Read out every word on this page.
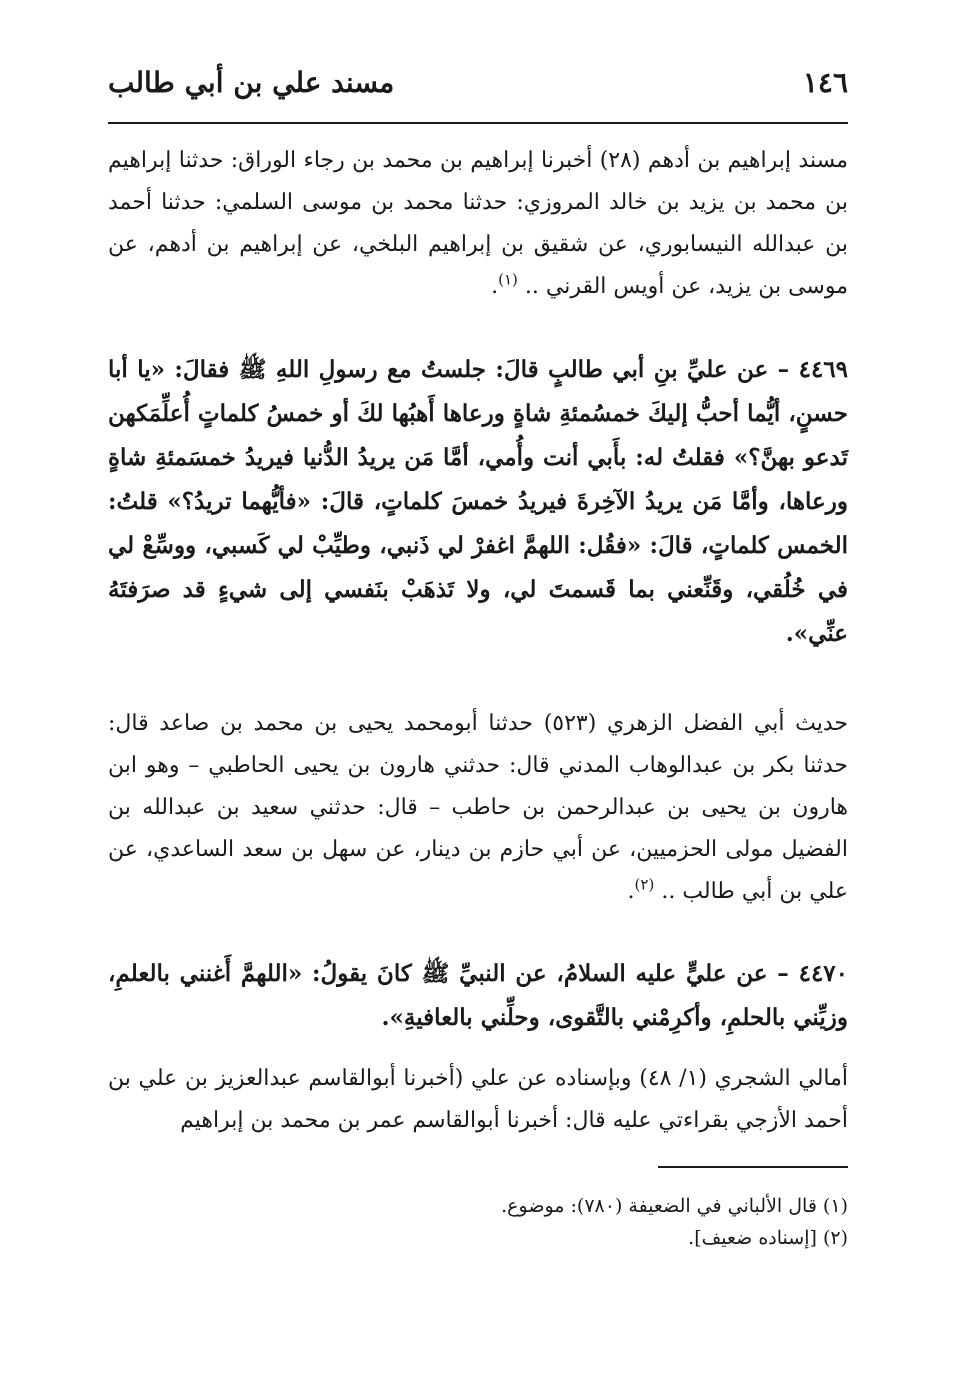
١٤٦
مسند علي بن أبي طالب
مسند إبراهيم بن أدهم (٢٨) أخبرنا إبراهيم بن محمد بن رجاء الوراق: حدثنا إبراهيم بن محمد بن يزيد بن خالد المروزي: حدثنا محمد بن موسى السلمي: حدثنا أحمد بن عبدالله النيسابوري، عن شقيق بن إبراهيم البلخي، عن إبراهيم بن أدهم، عن موسى بن يزيد، عن أويس القرني .. $^{(١)}$.
٤٤٦٩ – عن عليِّ بنِ أبي طالبٍ قالَ: جلستُ مع رسولِ اللهِ ﷺ فقالَ: «يا أبا حسنٍ، أيُّما أحبُّ إليكَ خمسُمئةِ شاةٍ ورعاها أَهبُها لكَ أو خمسُ كلماتٍ أُعلِّمَكهن تَدعو بهنَّ؟» فقلتُ له: بأَبي أنت وأُمي، أمَّا مَن يريدُ الدُّنيا فيريدُ خمسَمئةِ شاةٍ ورعاها، وأمَّا مَن يريدُ الآخِرةَ فيريدُ خمسَ كلماتٍ، قالَ: «فأيُّهما تريدُ؟» قلتُ: الخمس كلماتٍ، قالَ: «فقُل: اللهمَّ اغفرْ لي ذَنبي، وطيِّبْ لي كَسبي، ووسِّعْ لي في خُلُقي، وقَنِّعني بما قَسمتَ لي، ولا تَذهَبْ بنَفسي إلى شيءٍ قد صرَفتَهُ عنِّي».
حديث أبي الفضل الزهري (٥٢٣) حدثنا أبومحمد يحيى بن محمد بن صاعد قال: حدثنا بكر بن عبدالوهاب المدني قال: حدثني هارون بن يحيى الحاطبي – وهو ابن هارون بن يحيى بن عبدالرحمن بن حاطب – قال: حدثني سعيد بن عبدالله بن الفضيل مولى الحزميين، عن أبي حازم بن دينار، عن سهل بن سعد الساعدي، عن علي بن أبي طالب .. $^{(٢)}$.
٤٤٧٠ – عن عليٍّ عليه السلامُ، عن النبيِّ ﷺ كانَ يقولُ: «اللهمَّ أَغنني بالعلمِ، وزيِّني بالحلمِ، وأكرِمْني بالتَّقوى، وحلِّني بالعافيةِ».
أمالي الشجري (١/ ٤٨) وبإسناده عن علي (أخبرنا أبوالقاسم عبدالعزيز بن علي بن أحمد الأزجي بقراءتي عليه قال: أخبرنا أبوالقاسم عمر بن محمد بن إبراهيم
(١) قال الألباني في الضعيفة (٧٨٠): موضوع.
(٢) [إسناده ضعيف].
